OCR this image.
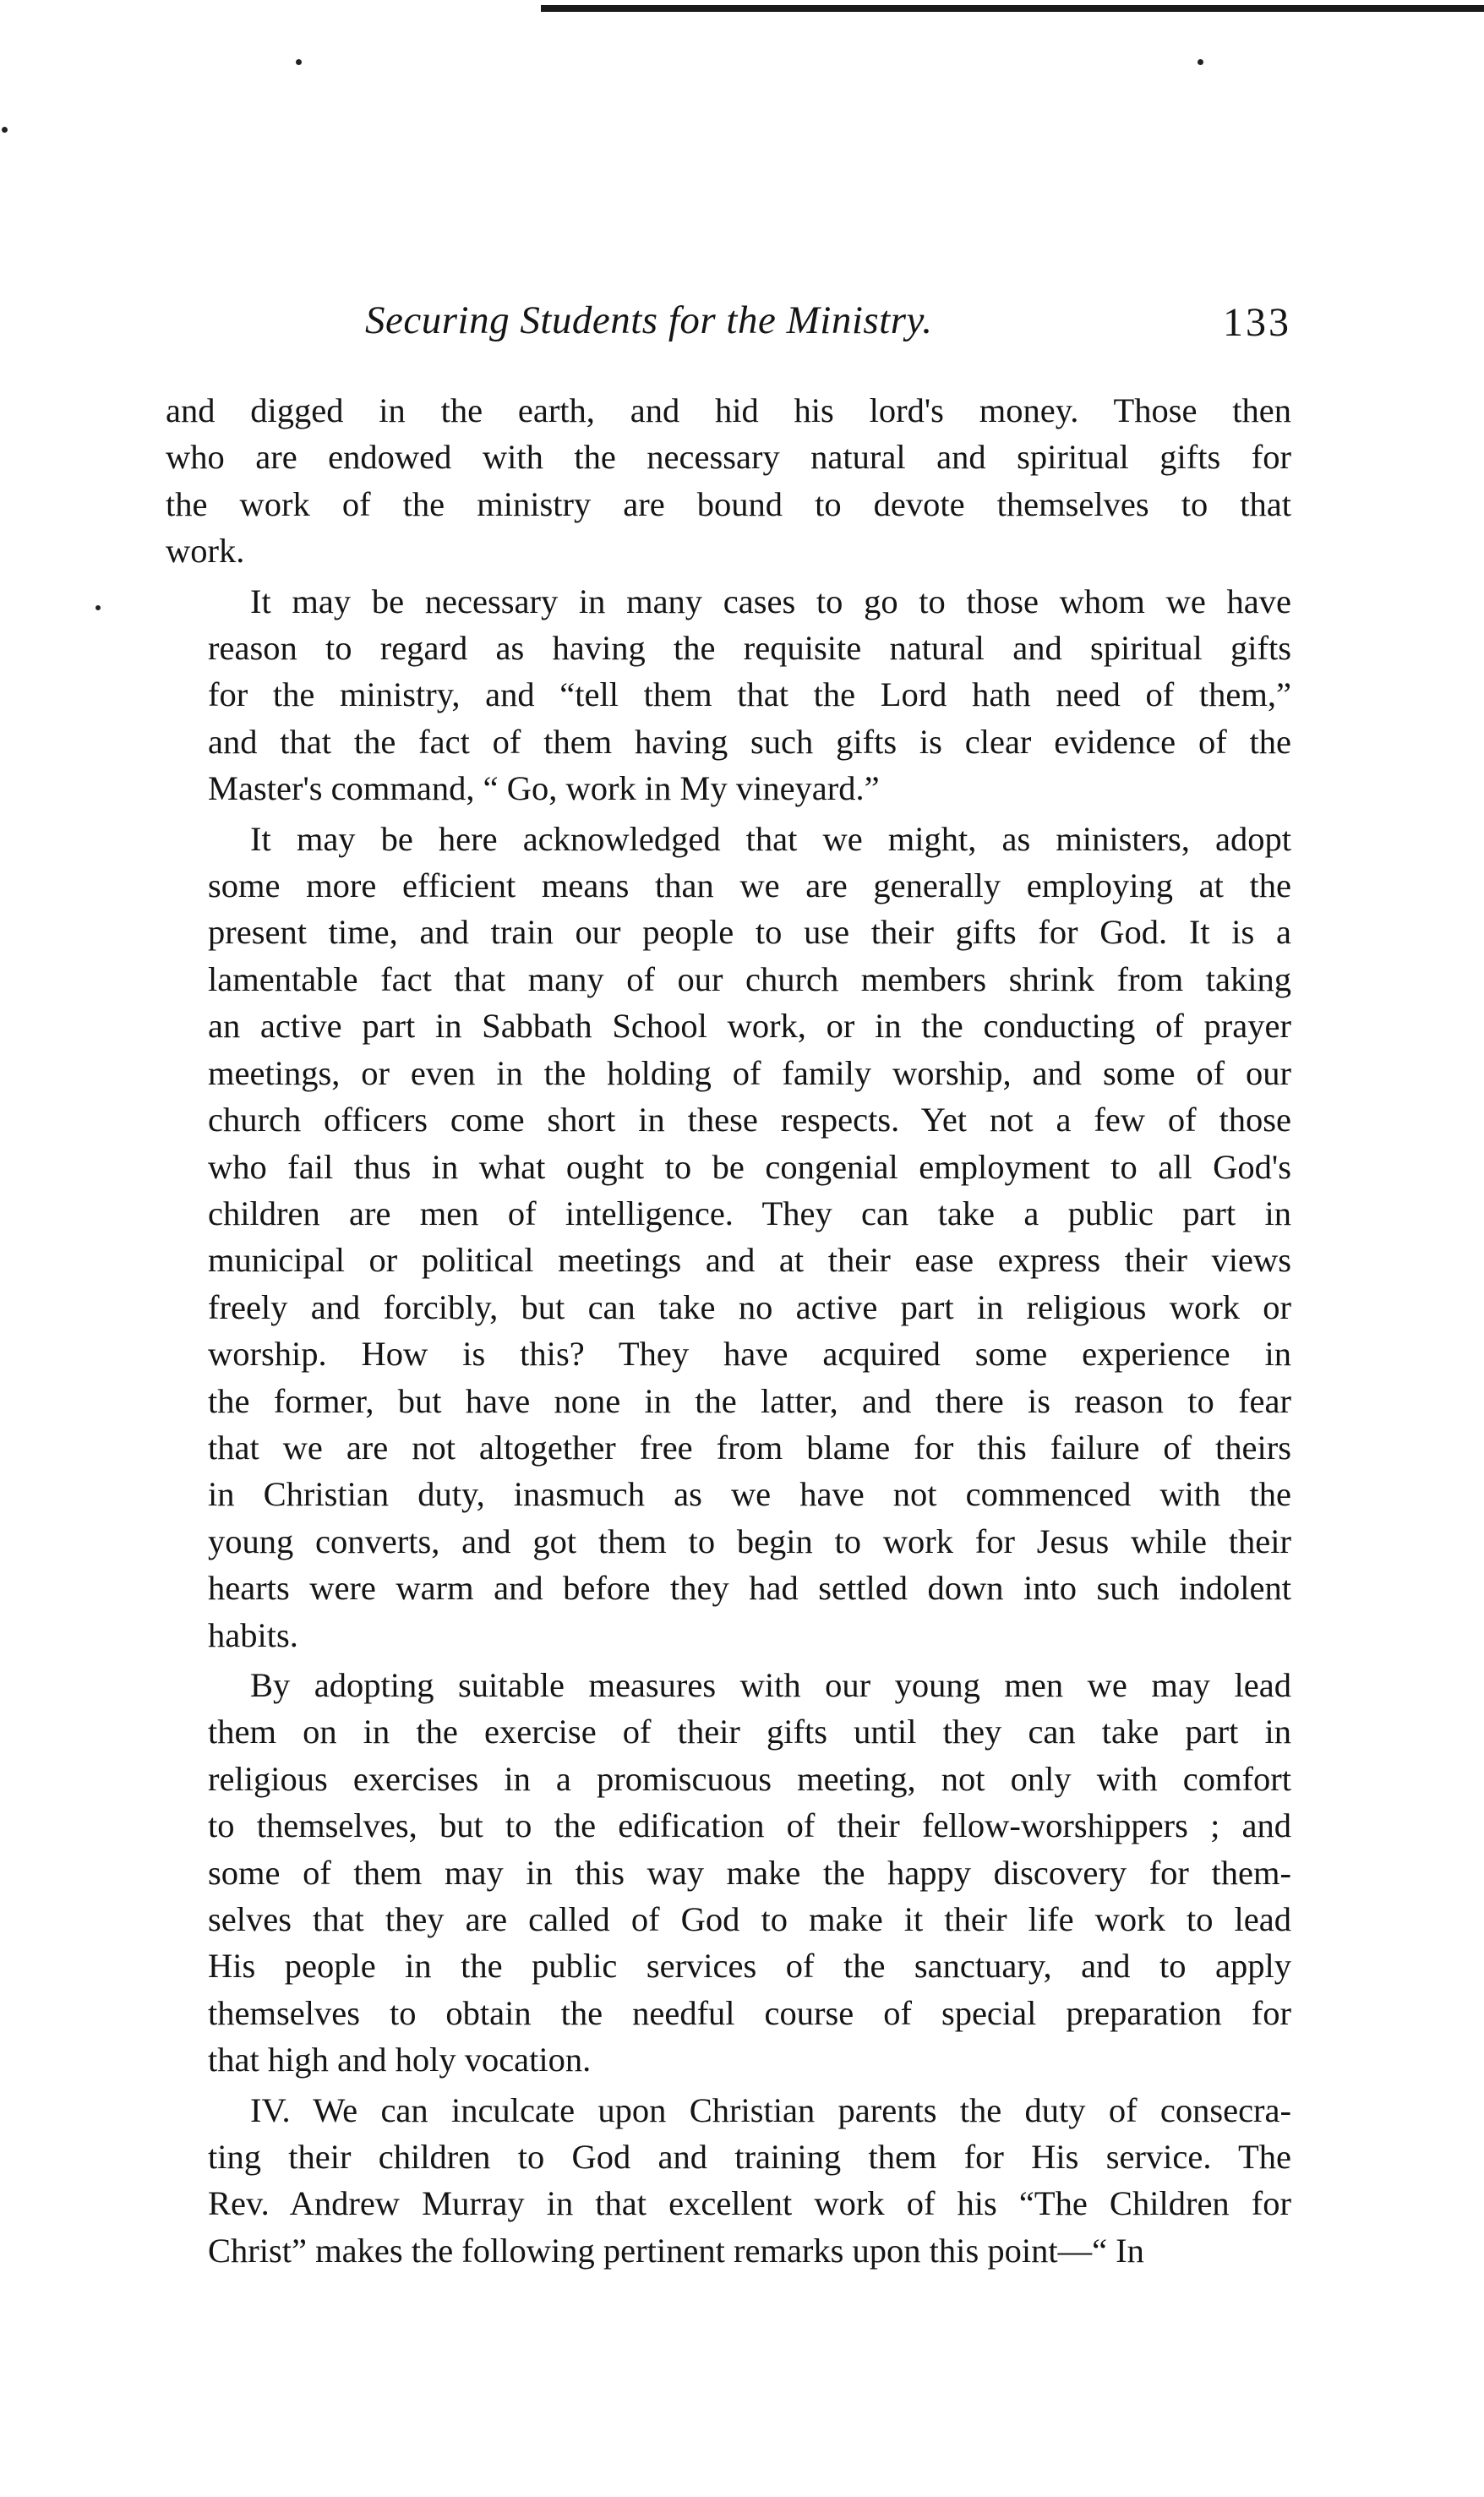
Securing Students for the Ministry.	133
and digged in the earth, and hid his lord's money. Those then
who are endowed with the necessary natural and spiritual gifts for
the work of the ministry are bound to devote themselves to that
work.
It may be necessary in many cases to go to those whom we have
reason to regard as having the requisite natural and spiritual gifts
for the ministry, and “tell them that the Lord hath need of them,”
and that the fact of them having such gifts is clear evidence of the
Master's command, “ Go, work in My vineyard.”
It may be here acknowledged that we might, as ministers, adopt
some more efficient means than we are generally employing at the
present time, and train our people to use their gifts for God. It is a
lamentable fact that many of our church members shrink from taking
an active part in Sabbath School work, or in the conducting of prayer
meetings, or even in the holding of family worship, and some of our
church officers come short in these respects. Yet not a few of those
who fail thus in what ought to be congenial employment to all God's
children are men of intelligence. They can take a public part in
municipal or political meetings and at their ease express their views
freely and forcibly, but can take no active part in religious work or
worship. How is this? They have acquired some experience in
the former, but have none in the latter, and there is reason to fear
that we are not altogether free from blame for this failure of theirs
in Christian duty, inasmuch as we have not commenced with the
young converts, and got them to begin to work for Jesus while their
hearts were warm and before they had settled down into such indolent
habits.
By adopting suitable measures with our young men we may lead
them on in the exercise of their gifts until they can take part in
religious exercises in a promiscuous meeting, not only with comfort
to themselves, but to the edification of their fellow-worshippers ; and
some of them may in this way make the happy discovery for them-
selves that they are called of God to make it their life work to lead
His people in the public services of the sanctuary, and to apply
themselves to obtain the needful course of special preparation for
that high and holy vocation.
IV. We can inculcate upon Christian parents the duty of consecra-
ting their children to God and training them for His service. The
Rev. Andrew Murray in that excellent work of his “The Children for
Christ” makes the following pertinent remarks upon this point—“ In
